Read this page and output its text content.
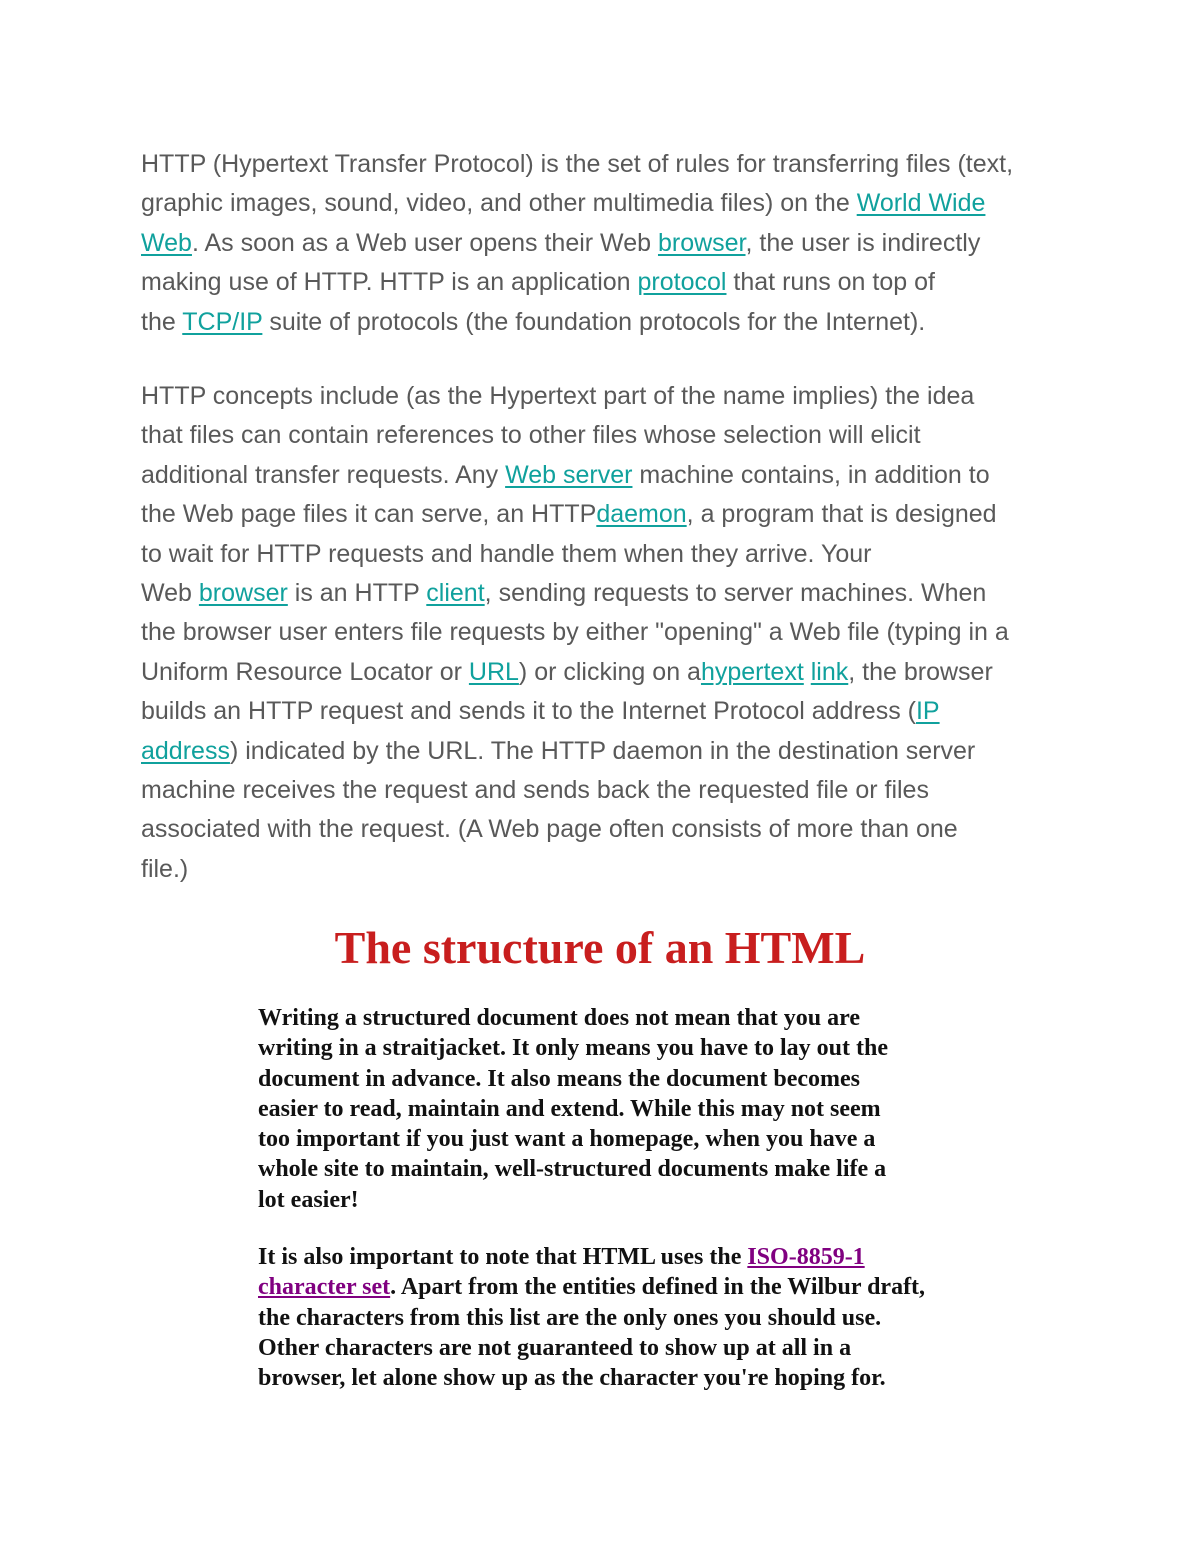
HTTP (Hypertext Transfer Protocol) is the set of rules for transferring files (text,
graphic images, sound, video, and other multimedia files) on the World Wide
Web. As soon as a Web user opens their Web browser, the user is indirectly
making use of HTTP. HTTP is an application protocol that runs on top of
the TCP/IP suite of protocols (the foundation protocols for the Internet).

HTTP concepts include (as the Hypertext part of the name implies) the idea
that files can contain references to other files whose selection will elicit
additional transfer requests. Any Web server machine contains, in addition to
the Web page files it can serve, an HTTPdaemon, a program that is designed
to wait for HTTP requests and handle them when they arrive. Your
Web browser is an HTTP client, sending requests to server machines. When
the browser user enters file requests by either "opening" a Web file (typing in a
Uniform Resource Locator or URL) or clicking on ahypertext link, the browser
builds an HTTP request and sends it to the Internet Protocol address (IP
address) indicated by the URL. The HTTP daemon in the destination server
machine receives the request and sends back the requested file or files
associated with the request. (A Web page often consists of more than one
file.)

The structure of an HTML

Writing a structured document does not mean that you are
writing in a straitjacket. It only means you have to lay out the
document in advance. It also means the document becomes
easier to read, maintain and extend. While this may not seem
too important if you just want a homepage, when you have a
whole site to maintain, well-structured documents make life a
lot easier!

It is also important to note that HTML uses the ISO-8859-1
character set. Apart from the entities defined in the Wilbur draft,
the characters from this list are the only ones you should use.
Other characters are not guaranteed to show up at all in a
browser, let alone show up as the character you're hoping for.
